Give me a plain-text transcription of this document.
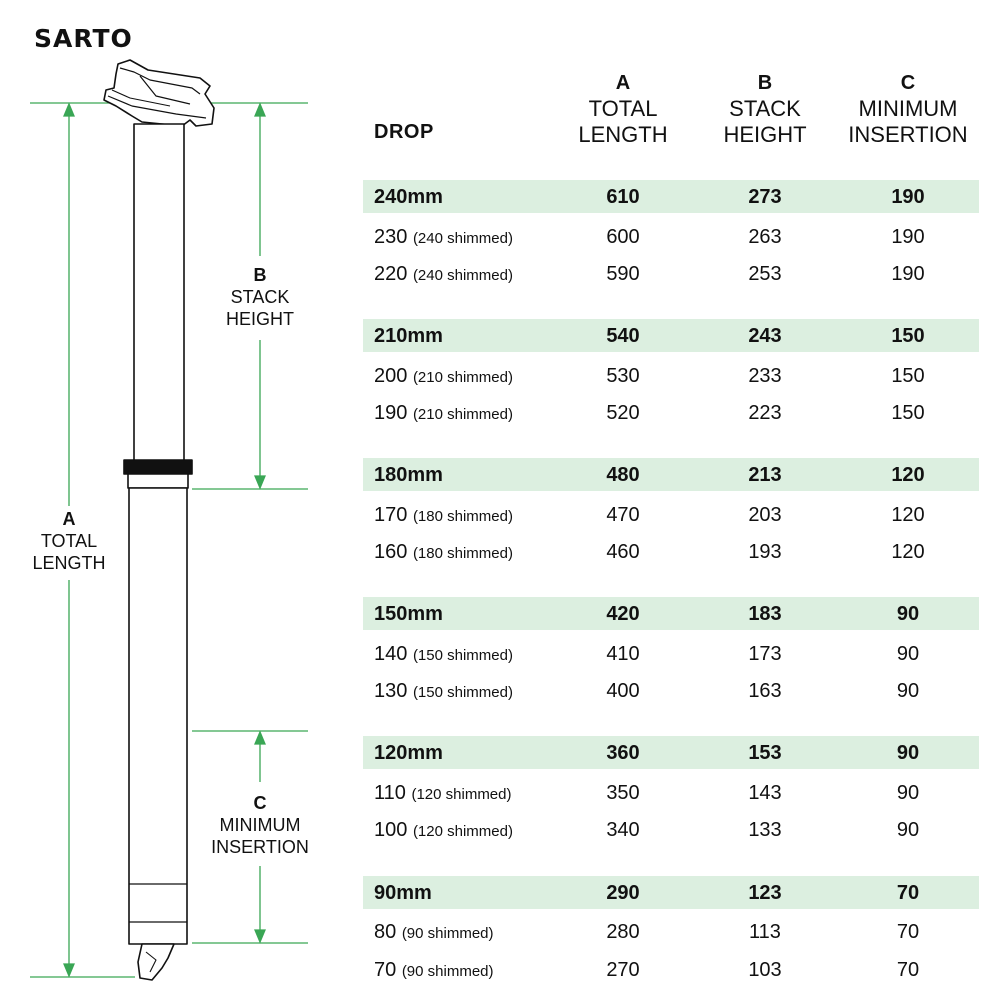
SARTO
A
TOTAL
LENGTH
B
STACK
HEIGHT
C
MINIMUM
INSERTION
DROP
A
TOTAL
LENGTH
B
STACK
HEIGHT
C
MINIMUM
INSERTION
240mm	610	273	190
230 (240 shimmed)	600	263	190
220 (240 shimmed)	590	253	190
210mm	540	243	150
200 (210 shimmed)	530	233	150
190 (210 shimmed)	520	223	150
180mm	480	213	120
170 (180 shimmed)	470	203	120
160 (180 shimmed)	460	193	120
150mm	420	183	90
140 (150 shimmed)	410	173	90
130 (150 shimmed)	400	163	90
120mm	360	153	90
110 (120 shimmed)	350	143	90
100 (120 shimmed)	340	133	90
90mm	290	123	70
80 (90 shimmed)	280	113	70
70 (90 shimmed)	270	103	70
